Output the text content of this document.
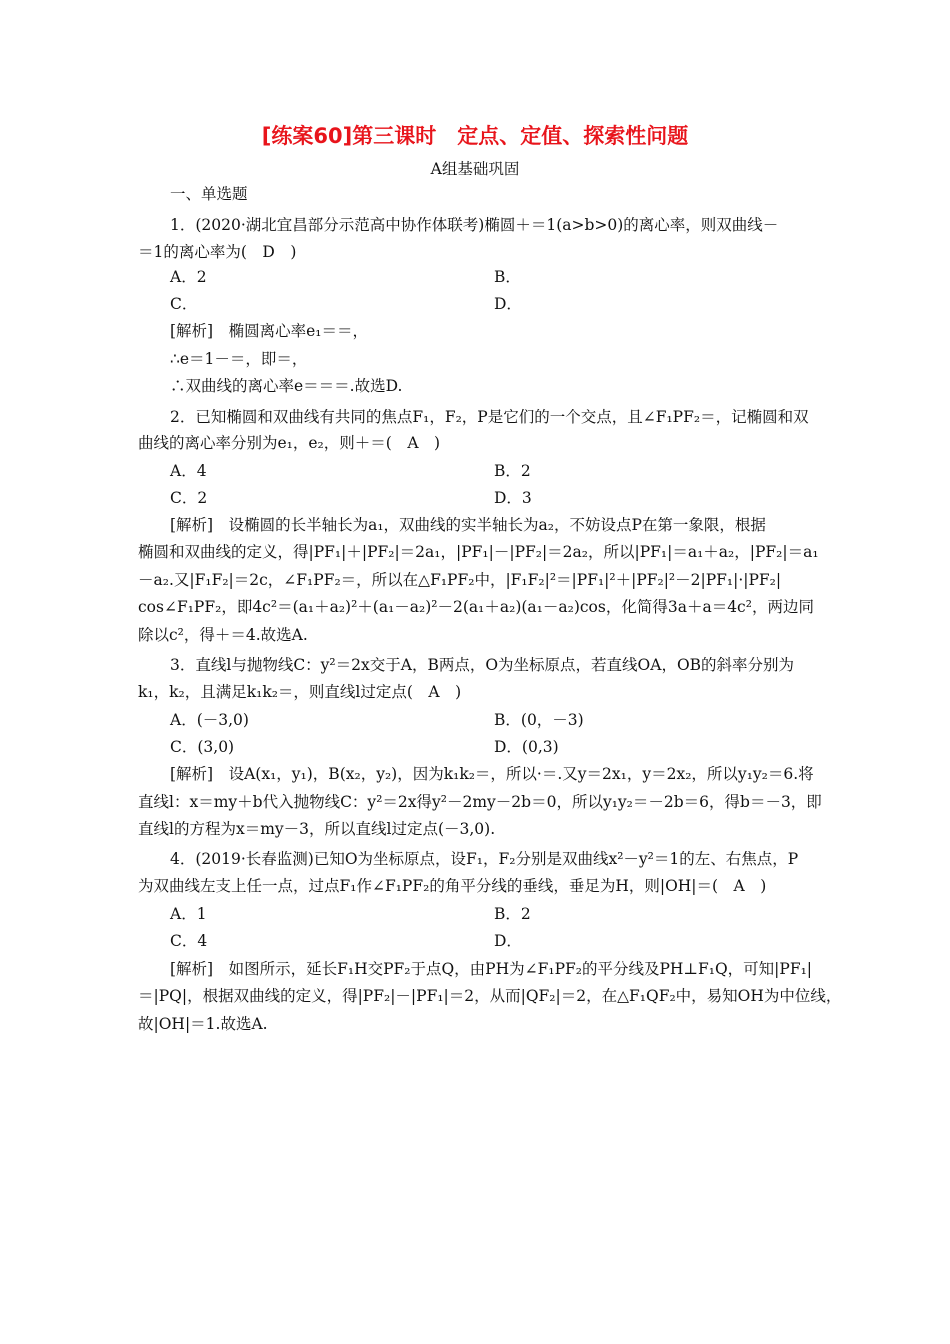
[练案60]第三课时　定点、定值、探索性问题
A组基础巩固
一、单选题
1．(2020·湖北宜昌部分示范高中协作体联考)椭圆＋＝1(a>b>0)的离心率，则双曲线－
＝1的离心率为(　D　)
A．2	B．
C．	D．
[解析]　椭圆离心率e₁＝＝，
∴e＝1－＝，即＝，
∴双曲线的离心率e＝＝＝.故选D.
2．已知椭圆和双曲线有共同的焦点F₁，F₂，P是它们的一个交点，且∠F₁PF₂＝，记椭圆和双
曲线的离心率分别为e₁，e₂，则＋＝(　A　)
A．4	B．2
C．2	D．3
[解析]　设椭圆的长半轴长为a₁，双曲线的实半轴长为a₂，不妨设点P在第一象限，根据
椭圆和双曲线的定义，得|PF₁|＋|PF₂|＝2a₁，|PF₁|－|PF₂|＝2a₂，所以|PF₁|＝a₁＋a₂，|PF₂|＝a₁
－a₂.又|F₁F₂|＝2c，∠F₁PF₂＝，所以在△F₁PF₂中，|F₁F₂|²＝|PF₁|²＋|PF₂|²－2|PF₁|·|PF₂|
cos∠F₁PF₂，即4c²＝(a₁＋a₂)²＋(a₁－a₂)²－2(a₁＋a₂)(a₁－a₂)cos，化简得3a＋a＝4c²，两边同
除以c²，得＋＝4.故选A.
3．直线l与抛物线C：y²＝2x交于A，B两点，O为坐标原点，若直线OA，OB的斜率分别为
k₁，k₂，且满足k₁k₂＝，则直线l过定点(　A　)
A．(－3,0)	B．(0，－3)
C．(3,0)	D．(0,3)
[解析]　设A(x₁，y₁)，B(x₂，y₂)，因为k₁k₂＝，所以·＝.又y＝2x₁，y＝2x₂，所以y₁y₂＝6.将
直线l：x＝my＋b代入抛物线C：y²＝2x得y²－2my－2b＝0，所以y₁y₂＝－2b＝6，得b＝－3，即
直线l的方程为x＝my－3，所以直线l过定点(－3,0).
4．(2019·长春监测)已知O为坐标原点，设F₁，F₂分别是双曲线x²－y²＝1的左、右焦点，P
为双曲线左支上任一点，过点F₁作∠F₁PF₂的角平分线的垂线，垂足为H，则|OH|＝(　A　)
A．1	B．2
C．4	D．
[解析]　如图所示，延长F₁H交PF₂于点Q，由PH为∠F₁PF₂的平分线及PH⊥F₁Q，可知|PF₁|
＝|PQ|，根据双曲线的定义，得|PF₂|－|PF₁|＝2，从而|QF₂|＝2，在△F₁QF₂中，易知OH为中位线，
故|OH|＝1.故选A.
